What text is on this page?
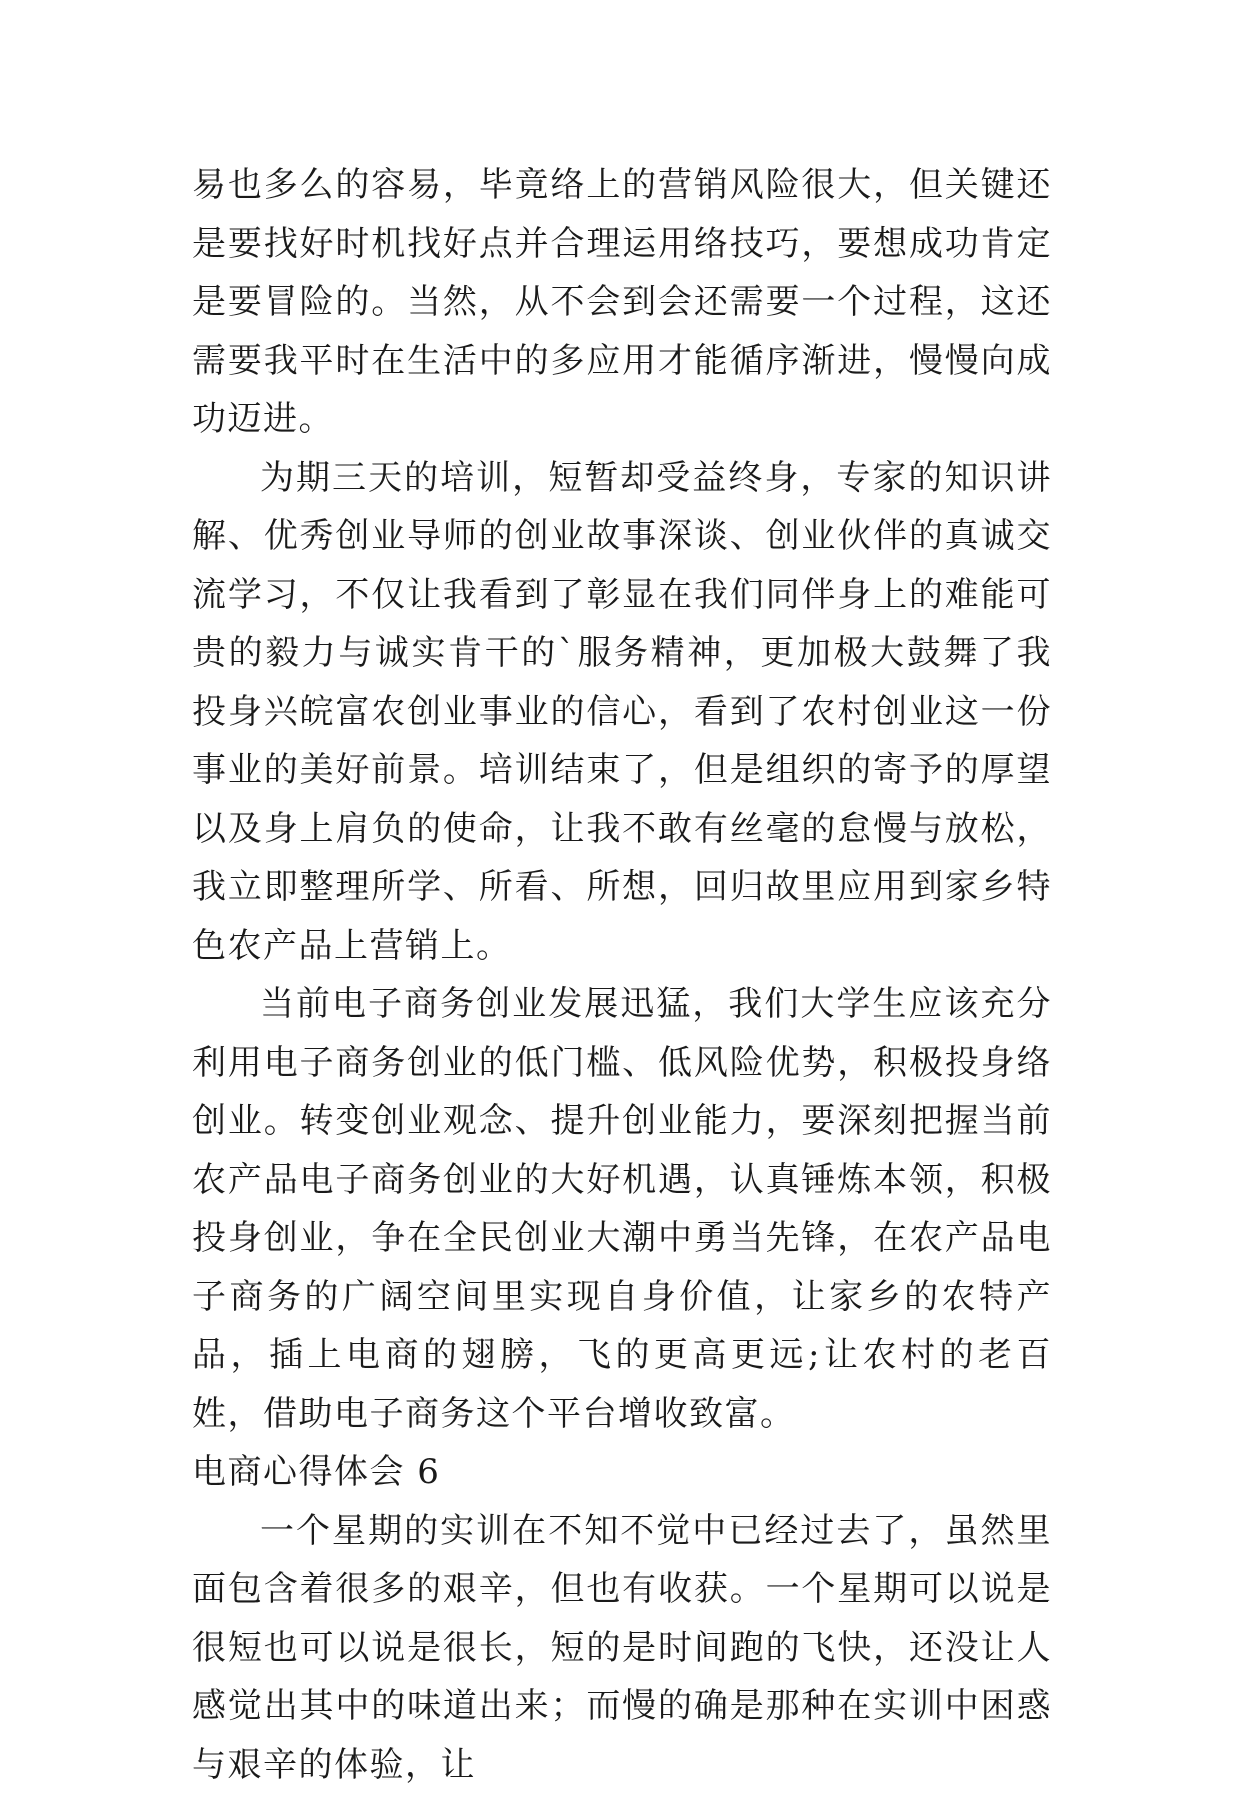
易也多么的容易，毕竟络上的营销风险很大，但关键还是要找好时机找好点并合理运用络技巧，要想成功肯定是要冒险的。当然，从不会到会还需要一个过程，这还需要我平时在生活中的多应用才能循序渐进，慢慢向成功迈进。

为期三天的培训，短暂却受益终身，专家的知识讲解、优秀创业导师的创业故事深谈、创业伙伴的真诚交流学习，不仅让我看到了彰显在我们同伴身上的难能可贵的毅力与诚实肯干的`服务精神，更加极大鼓舞了我投身兴皖富农创业事业的信心，看到了农村创业这一份事业的美好前景。培训结束了，但是组织的寄予的厚望以及身上肩负的使命，让我不敢有丝毫的怠慢与放松，我立即整理所学、所看、所想，回归故里应用到家乡特色农产品上营销上。

当前电子商务创业发展迅猛，我们大学生应该充分利用电子商务创业的低门槛、低风险优势，积极投身络创业。转变创业观念、提升创业能力，要深刻把握当前农产品电子商务创业的大好机遇，认真锤炼本领，积极投身创业，争在全民创业大潮中勇当先锋，在农产品电子商务的广阔空间里实现自身价值，让家乡的农特产品，插上电商的翅膀，飞的更高更远;让农村的老百姓，借助电子商务这个平台增收致富。

电商心得体会 6

一个星期的实训在不知不觉中已经过去了，虽然里面包含着很多的艰辛，但也有收获。一个星期可以说是很短也可以说是很长，短的是时间跑的飞快，还没让人感觉出其中的味道出来；而慢的确是那种在实训中困惑与艰辛的体验，让
